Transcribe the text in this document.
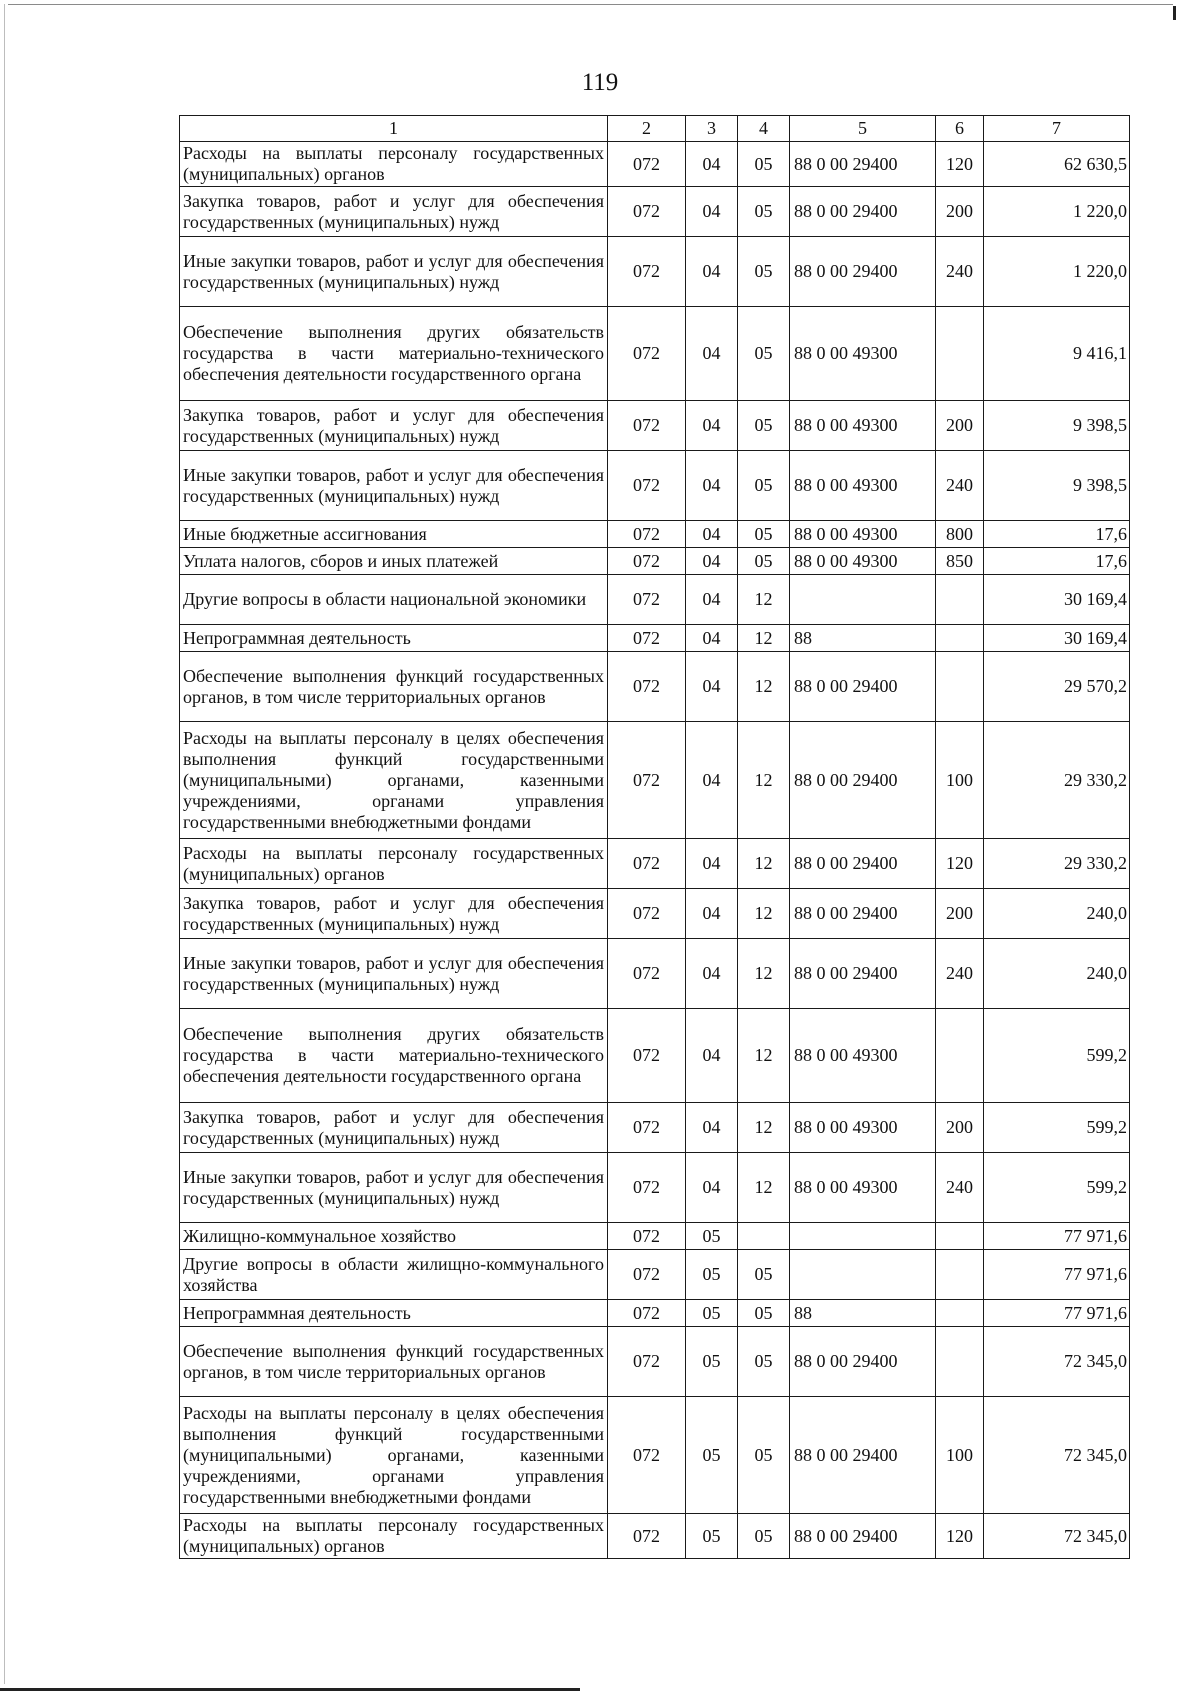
119
1	2	3	4	5	6	7
Расходы на выплаты персоналу государственных (муниципальных) органов	072	04	05	88 0 00 29400	120	62 630,5
Закупка товаров, работ и услуг для обеспечения государственных (муниципальных) нужд	072	04	05	88 0 00 29400	200	1 220,0
Иные закупки товаров, работ и услуг для обеспечения государственных (муниципальных) нужд	072	04	05	88 0 00 29400	240	1 220,0
Обеспечение выполнения других обязательств государства в части материально-технического обеспечения деятельности государственного органа	072	04	05	88 0 00 49300		9 416,1
Закупка товаров, работ и услуг для обеспечения государственных (муниципальных) нужд	072	04	05	88 0 00 49300	200	9 398,5
Иные закупки товаров, работ и услуг для обеспечения государственных (муниципальных) нужд	072	04	05	88 0 00 49300	240	9 398,5
Иные бюджетные ассигнования	072	04	05	88 0 00 49300	800	17,6
Уплата налогов, сборов и иных платежей	072	04	05	88 0 00 49300	850	17,6
Другие вопросы в области национальной экономики	072	04	12			30 169,4
Непрограммная деятельность	072	04	12	88		30 169,4
Обеспечение выполнения функций государственных органов, в том числе территориальных органов	072	04	12	88 0 00 29400		29 570,2
Расходы на выплаты персоналу в целях обеспечения выполнения функций государственными (муниципальными) органами, казенными учреждениями, органами управления государственными внебюджетными фондами	072	04	12	88 0 00 29400	100	29 330,2
Расходы на выплаты персоналу государственных (муниципальных) органов	072	04	12	88 0 00 29400	120	29 330,2
Закупка товаров, работ и услуг для обеспечения государственных (муниципальных) нужд	072	04	12	88 0 00 29400	200	240,0
Иные закупки товаров, работ и услуг для обеспечения государственных (муниципальных) нужд	072	04	12	88 0 00 29400	240	240,0
Обеспечение выполнения других обязательств государства в части материально-технического обеспечения деятельности государственного органа	072	04	12	88 0 00 49300		599,2
Закупка товаров, работ и услуг для обеспечения государственных (муниципальных) нужд	072	04	12	88 0 00 49300	200	599,2
Иные закупки товаров, работ и услуг для обеспечения государственных (муниципальных) нужд	072	04	12	88 0 00 49300	240	599,2
Жилищно-коммунальное хозяйство	072	05				77 971,6
Другие вопросы в области жилищно-коммунального хозяйства	072	05	05			77 971,6
Непрограммная деятельность	072	05	05	88		77 971,6
Обеспечение выполнения функций государственных органов, в том числе территориальных органов	072	05	05	88 0 00 29400		72 345,0
Расходы на выплаты персоналу в целях обеспечения выполнения функций государственными (муниципальными) органами, казенными учреждениями, органами управления государственными внебюджетными фондами	072	05	05	88 0 00 29400	100	72 345,0
Расходы на выплаты персоналу государственных (муниципальных) органов	072	05	05	88 0 00 29400	120	72 345,0
